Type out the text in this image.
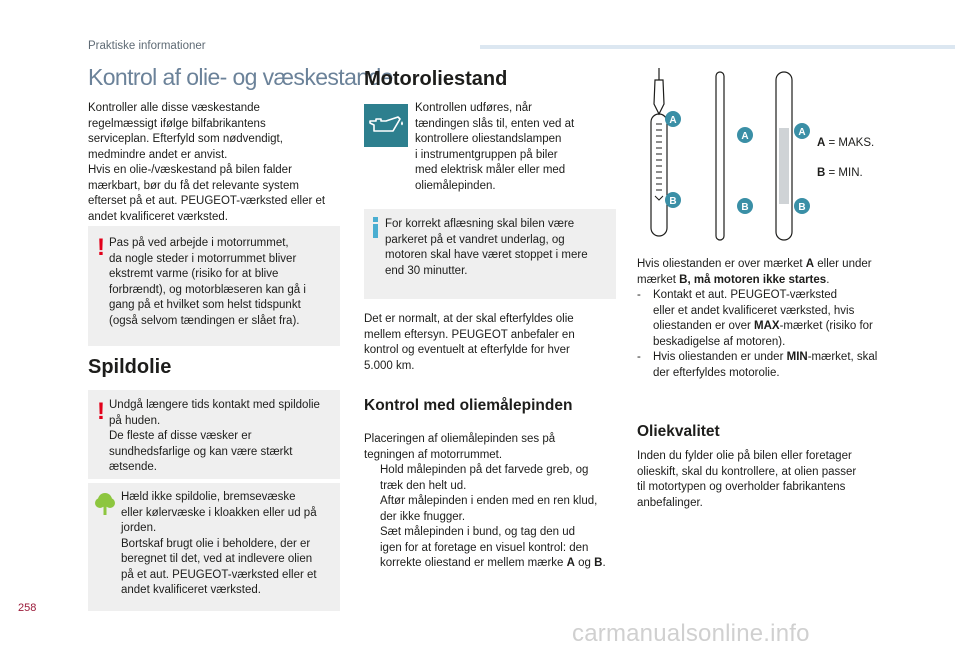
Praktiske informationer
Kontrol af olie- og væskestande
Kontroller alle disse væskestande
regelmæssigt ifølge bilfabrikantens
serviceplan. Efterfyld som nødvendigt,
medmindre andet er anvist.
Hvis en olie-/væskestand på bilen falder
mærkbart, bør du få det relevante system
efterset på et aut. PEUGEOT-værksted eller et
andet kvalificeret værksted.
! Pas på ved arbejde i motorrummet,
da nogle steder i motorrummet bliver
ekstremt varme (risiko for at blive
forbrændt), og motorblæseren kan gå i
gang på et hvilket som helst tidspunkt
(også selvom tændingen er slået fra).
Spildolie
! Undgå længere tids kontakt med spildolie
på huden.
De fleste af disse væsker er
sundhedsfarlige og kan være stærkt
ætsende.
Hæld ikke spildolie, bremsevæske
eller kølervæske i kloakken eller ud på
jorden.
Bortskaf brugt olie i beholdere, der er
beregnet til det, ved at indlevere olien
på et aut. PEUGEOT-værksted eller et
andet kvalificeret værksted.
Motoroliestand
Kontrollen udføres, når
tændingen slås til, enten ved at
kontrollere oliestandslampen
i instrumentgruppen på biler
med elektrisk måler eller med
oliemålepinden.
For korrekt aflæsning skal bilen være
parkeret på et vandret underlag, og
motoren skal have været stoppet i mere
end 30 minutter.
Det er normalt, at der skal efterfyldes olie
mellem eftersyn. PEUGEOT anbefaler en
kontrol og eventuelt at efterfylde for hver
5.000 km.
Kontrol med oliemålepinden
Placeringen af oliemålepinden ses på
tegningen af motorrummet.
Hold målepinden på det farvede greb, og
træk den helt ud.
Aftør målepinden i enden med en ren klud,
der ikke fnugger.
Sæt målepinden i bund, og tag den ud
igen for at foretage en visuel kontrol: den
korrekte oliestand er mellem mærke A og B.
A
B
A
B
A
B
A = MAKS.
B = MIN.
Hvis oliestanden er over mærket A eller under
mærket B, må motoren ikke startes.
- Kontakt et aut. PEUGEOT-værksted
eller et andet kvalificeret værksted, hvis
oliestanden er over MAX-mærket (risiko for
beskadigelse af motoren).
- Hvis oliestanden er under MIN-mærket, skal
der efterfyldes motorolie.
Oliekvalitet
Inden du fylder olie på bilen eller foretager
olieskift, skal du kontrollere, at olien passer
til motortypen og overholder fabrikantens
anbefalinger.
258
carmanualsonline.info
